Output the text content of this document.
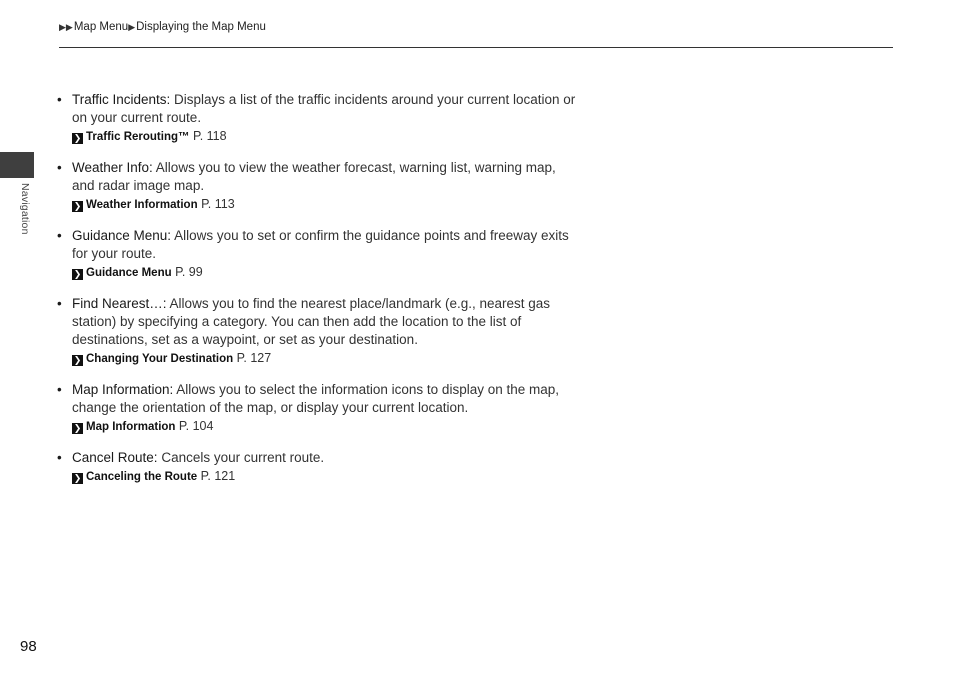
▶▶Map Menu▶Displaying the Map Menu
Navigation
• Traffic Incidents: Displays a list of the traffic incidents around your current location or on your current route.
❯ Traffic Rerouting™ P. 118
• Weather Info: Allows you to view the weather forecast, warning list, warning map, and radar image map.
❯ Weather Information P. 113
• Guidance Menu: Allows you to set or confirm the guidance points and freeway exits for your route.
❯ Guidance Menu P. 99
• Find Nearest…: Allows you to find the nearest place/landmark (e.g., nearest gas station) by specifying a category. You can then add the location to the list of destinations, set as a waypoint, or set as your destination.
❯ Changing Your Destination P. 127
• Map Information: Allows you to select the information icons to display on the map, change the orientation of the map, or display your current location.
❯ Map Information P. 104
• Cancel Route: Cancels your current route.
❯ Canceling the Route P. 121
98
